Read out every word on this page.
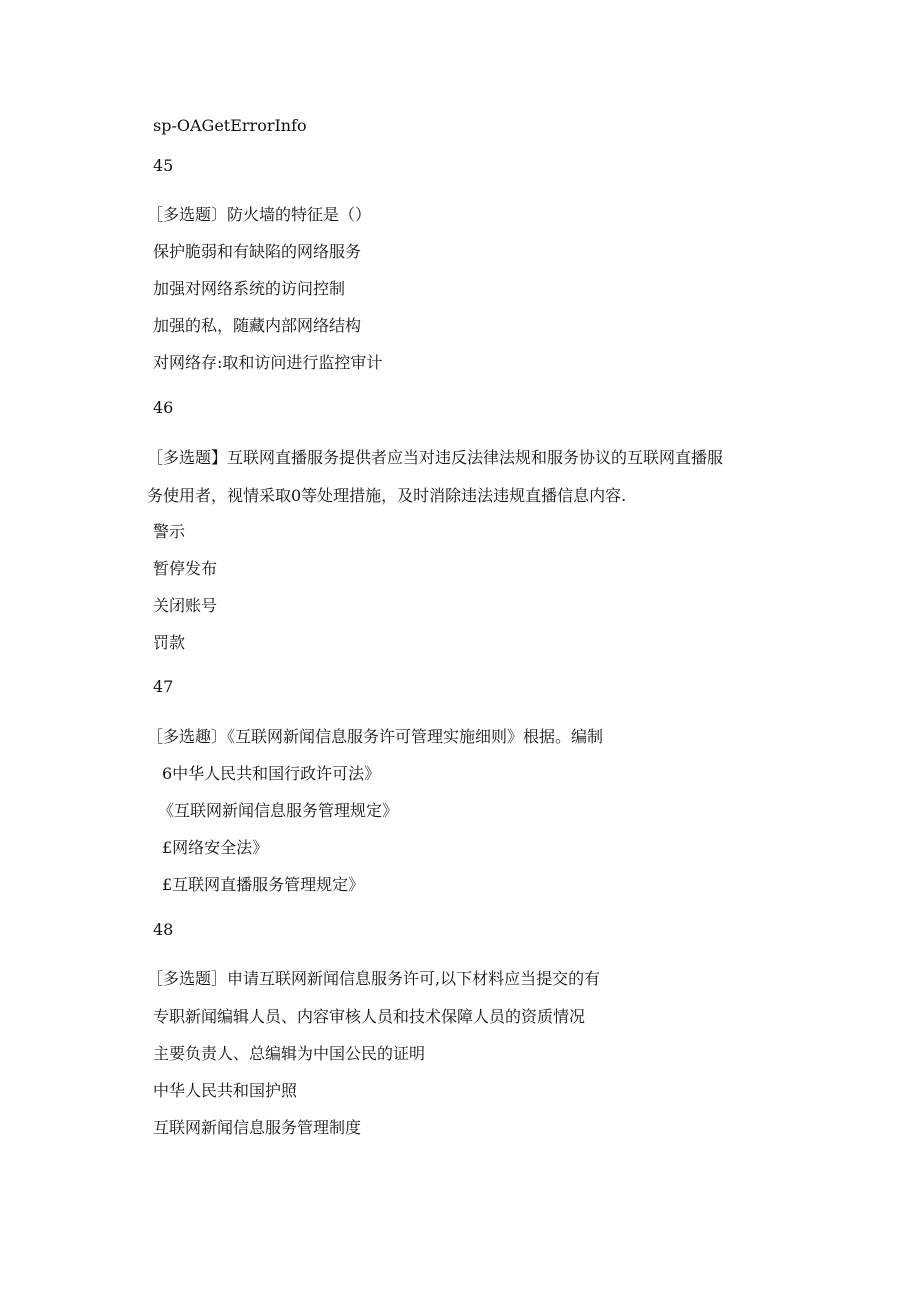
sp-OAGetErrorInfo
45
［多选题〕防火墙的特征是（）
保护脆弱和有缺陷的网络服务
加强对网络系统的访问控制
加强的私，随藏内部网络结构
对网络存:取和访问进行监控审计
46
［多选题】互联网直播服务提供者应当对违反法律法规和服务协议的互联网直播服
务使用者，视情采取0等处理措施，及时消除违法违规直播信息内容.
警示
暂停发布
关闭账号
罚款
47
［多选趣〕《互联网新闻信息服务许可管理实施细则》根据。编制
6中华人民共和国行政许可法》
《互联网新闻信息服务管理规定》
£网络安全法》
£互联网直播服务管理规定》
48
［多选题］申请互联网新闻信息服务许可,以下材料应当提交的有
专职新闻编辑人员、内容审核人员和技术保障人员的资质情况
主要负责人、总编辑为中国公民的证明
中华人民共和国护照
互联网新闻信息服务管理制度
